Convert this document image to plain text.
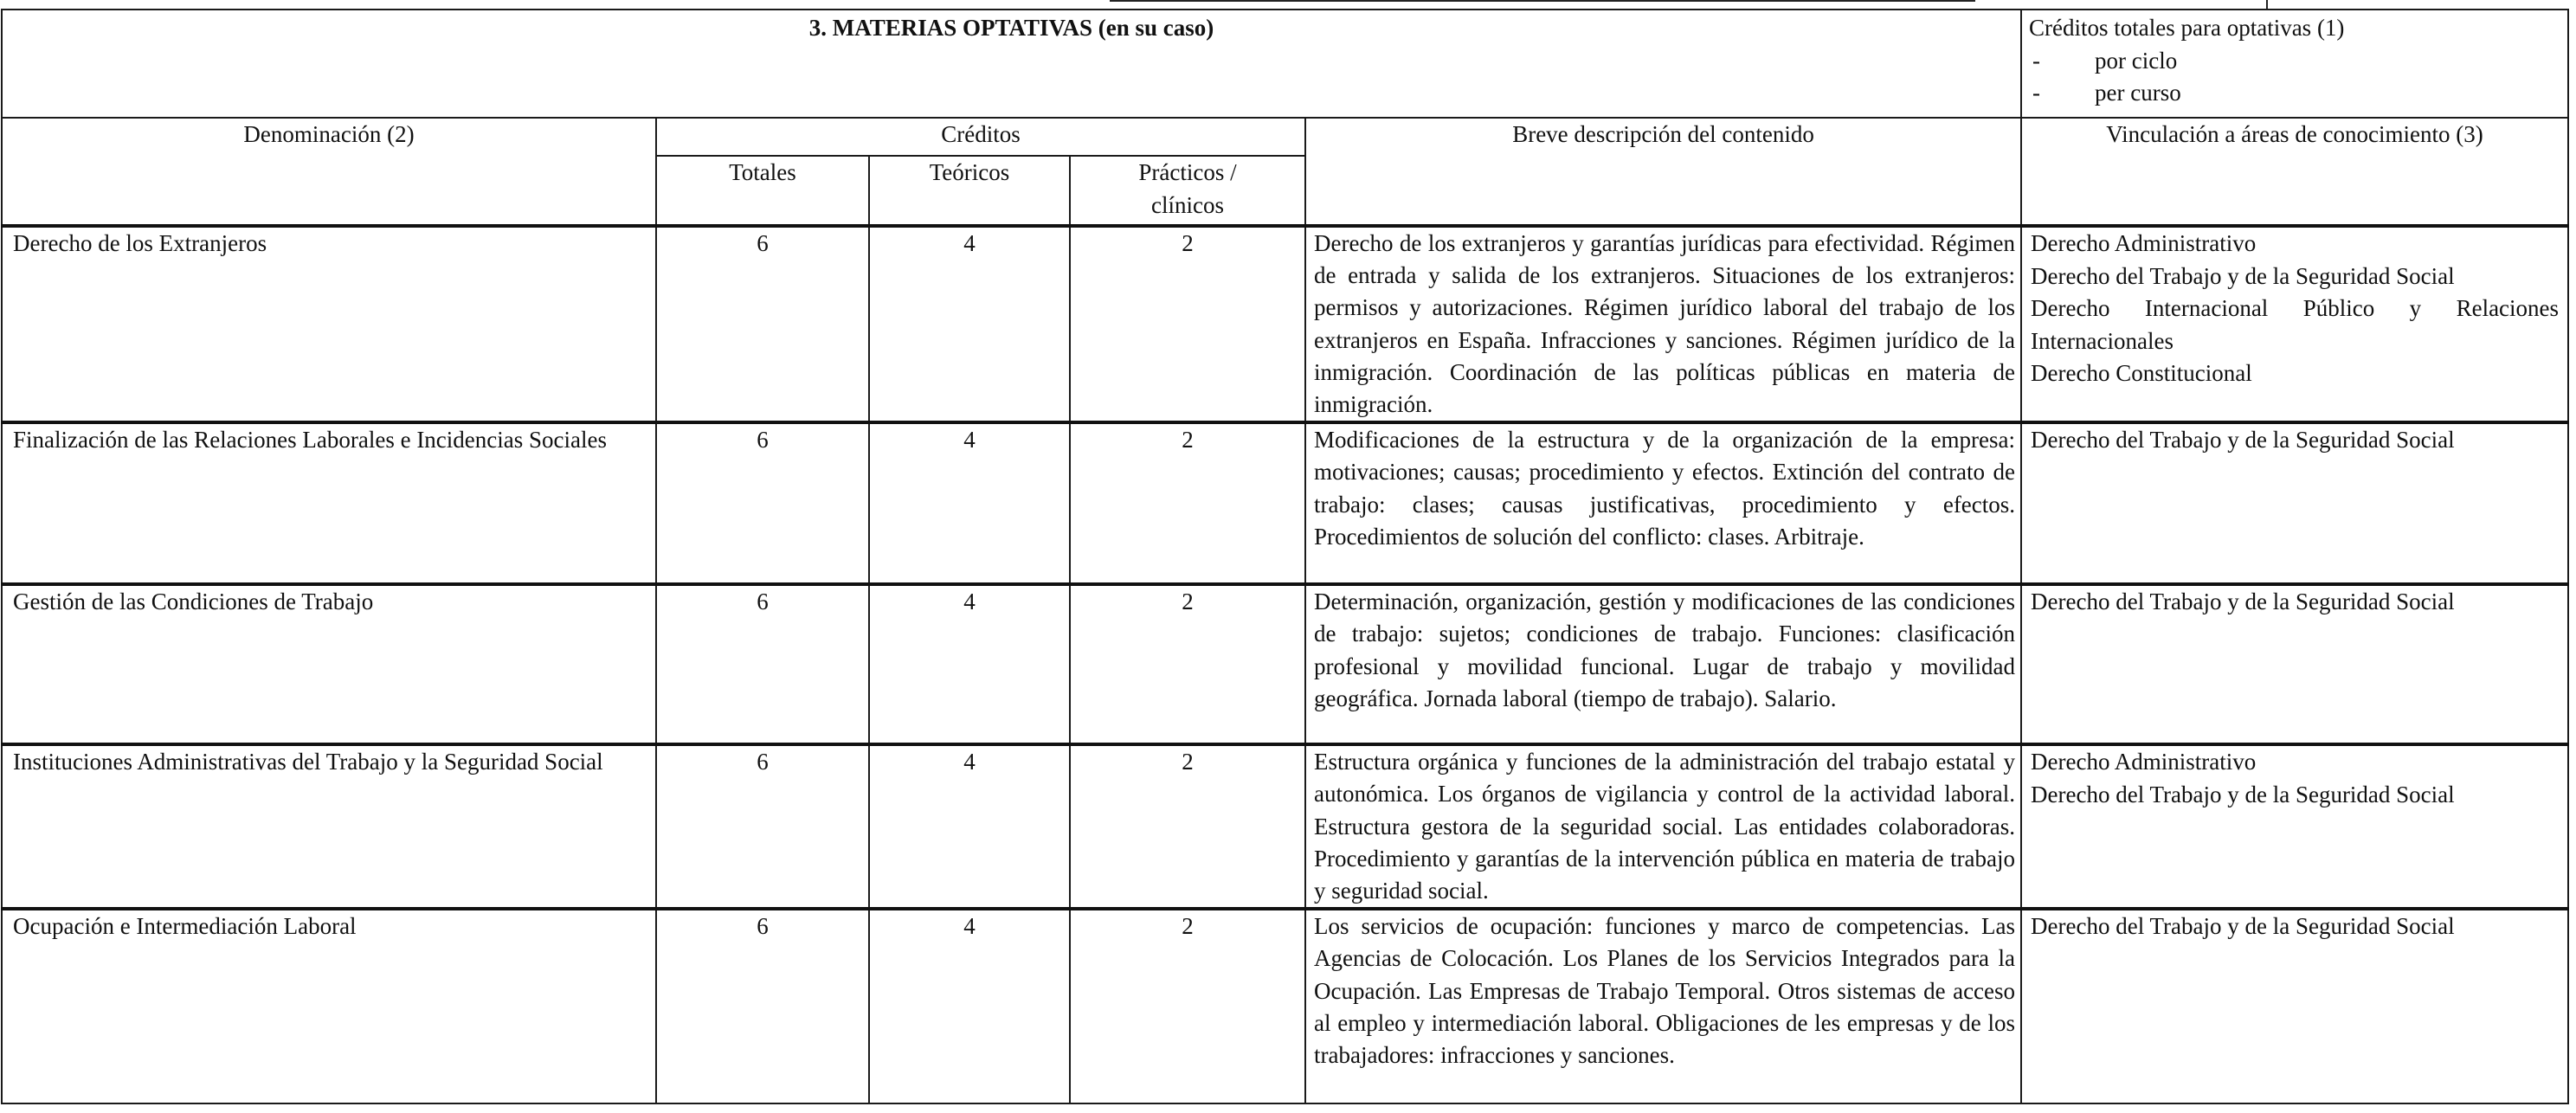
3. MATERIAS OPTATIVAS (en su caso)					Créditos totales para optativas (1)
- por ciclo
- per curso

Denominación (2)	Créditos			Breve descripción del contenido	Vinculación a áreas de conocimiento (3)
	Totales	Teóricos	Prácticos /
clínicos		

Derecho de los Extranjeros	6	4	2	Derecho de los extranjeros y garantías jurídicas para efectividad. Régimen de entrada y salida de los extranjeros. Situaciones de los extranjeros: permisos y autorizaciones. Régimen jurídico laboral del trabajo de los extranjeros en España. Infracciones y sanciones. Régimen jurídico de la inmigración. Coordinación de las políticas públicas en materia de inmigración.	
Derecho Administrativo
Derecho del Trabajo y de la Seguridad Social
Derecho Internacional Público y Relaciones
Internacionales
Derecho Constitucional

Finalización de las Relaciones Laborales e Incidencias Sociales	6	4	2	Modificaciones de la estructura y de la organización de la empresa: motivaciones; causas; procedimiento y efectos. Extinción del contrato de trabajo: clases; causas justificativas, procedimiento y efectos. Procedimientos de solución del conflicto: clases. Arbitraje.	Derecho del Trabajo y de la Seguridad Social

Gestión de las Condiciones de Trabajo	6	4	2	Determinación, organización, gestión y modificaciones de las condiciones de trabajo: sujetos; condiciones de trabajo. Funciones: clasificación profesional y movilidad funcional. Lugar de trabajo y movilidad geográfica. Jornada laboral (tiempo de trabajo). Salario.	Derecho del Trabajo y de la Seguridad Social

Instituciones Administrativas del Trabajo y la Seguridad Social	6	4	2	Estructura orgánica y funciones de la administración del trabajo estatal y autonómica. Los órganos de vigilancia y control de la actividad laboral. Estructura gestora de la seguridad social. Las entidades colaboradoras. Procedimiento y garantías de la intervención pública en materia de trabajo y seguridad social.	Derecho Administrativo
Derecho del Trabajo y de la Seguridad Social

Ocupación e Intermediación Laboral	6	4	2	Los servicios de ocupación: funciones y marco de competencias. Las Agencias de Colocación. Los Planes de los Servicios Integrados para la Ocupación. Las Empresas de Trabajo Temporal. Otros sistemas de acceso al empleo y intermediación laboral. Obligaciones de les empresas y de los trabajadores: infracciones y sanciones.	Derecho del Trabajo y de la Seguridad Social
